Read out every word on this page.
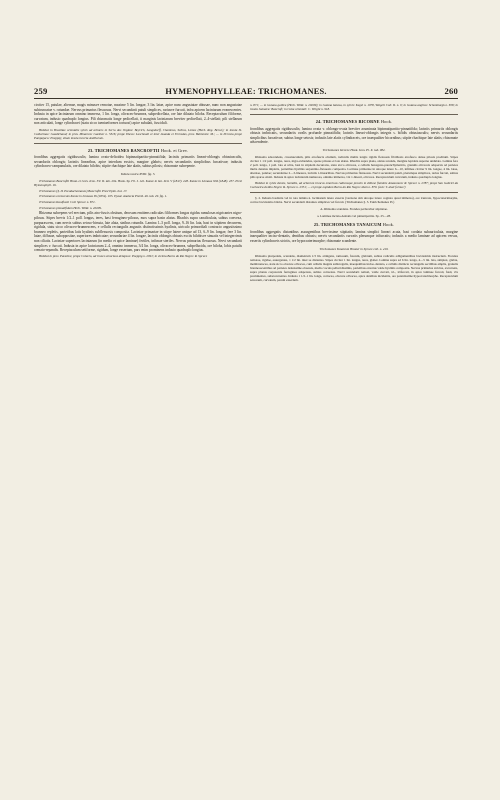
259	HYMENOPHYLLEAE: TRICHOMANES.	260

circiter 15, patulae, alternae, magis minusve remotae, maxime 5 lin. longae, 3 lin. latae, apice nunc angustatae obtusae, nunc non angustatae subtruncatae v. rotundae. Nervus primarius flexuosus. Nervi secundarii patuli simplices, rariusve furcati, infra apicem laciniarum evanescentes. Indusia in apice laciniarum omnino immersa, 1 lin. longa, olivaceo-brunnea, subpedicellata, ore late dilatato biloba. Receptaculum filiforme, curvatum, indusio quadruplo longius. Pili rhizomatis longe pedicellati, ii marginis laciniarum breviter pedicellati, 2–4-stellati; pili stellarum non articulati, longe cylindracei (statu sicco taeniaeformes tortuosi) apice subulati, fusciduli.

Habitat in Brasiliae orientalis sylvis ad arbores in Serra dos Orgãos: Beyrich, Langsdorff, Chamisso, Sellow, Lemos (Herb. Reg. Berol.); in insula St. Catharinae: Gaudichaud; in prov. Minarum: Gardner n. 5316; prope Ilheos: Luschnath et inter Avanda et Ferradas, prov. Bahiensis: M.; — in Peruvia prope Pampajaco: Poeppig; etiam insula incerta Antillarum.

23. TRICHOMANES BANCROFTII Hook. et Grev.

frondibus aggregatis rigidiusculis; lamina ovato-deltoidea bipinnatipartito-pinnatifida; laciniis primariis lineari-oblongis obtusiusculis, secundariis oblongis; laciniis linearibus, apice interdum exsicis, margine glabris; nervis secundariis simplicibus furcativue; indusiis cylindraceo-campanulatis, ore dilatato bilobis; stipite rhachique late alatis, subtus pilosis; rhizomate subrepente.

Tabula nostra XVIII. fig. 5.

Trichomanes Bancroftii Hook. et Grev. Icon. Fil. II. tab. 204. Hook. Sp. Fil. I. 122. Kunze in bot. Zeit. V (1847). 228. Kunze in Linnaea XXI (1848). 237. Presl Hymenophyll. 16.

Trichomanes (§. II. Pseudachomanes) Bancroftii Presl Epim. bot. 17.

Trichomanes coriaceum Kunze in Linnaea IX (1834). 105. Ejusd. Analecta Pterid. 46. tab. 29. fig. 1.

Trichomanes Kaulfussii Coll. Spruce n. 871.

Trichomanes pinnatifidum Herb. Willd. n. 20209.

Rhizoma subrepens vel erectum, pilis atro-fuscis obsitum, deorsum emittens radiculas filiformes longas rigidas ramulosas nigricantes nigro-pilosas. Stipes brevis 1/2–1 poll. longus, teres, basi ferrugineo-pilosus, mox supra basin alatus. Rhachis supra canaliculata, subtus convexa, purpurascens, cum nervis subtus setoso-hirsuta, late alata, sinibus rotundis. Lamina 1–3 poll. longa, 9–16 lin. lata, basi in stipitem decurrens, rigidula, statu sicco olivaceo-brunnescens, e cellulis rectangulis angustis distinctissimis hyalinis, utriculo primordiali contracto angustissimo brunneo repletis, parietibus latis hyalinis subflexuosis composita. Laciniae primariae in stirpe latere unique ad 13, 6–9 lin. longae, fere 3 lin. latae, diffusae, suboppositae, superiores imbricatae; secundariae 4 lin. longae, laciniis oblongis obtusis exciis bilobisve sinuatis vel integerrimis non ciliatis. Laciniae superiores laciniarum (in medio et apice laminae) fertiles, infimae steriles. Nervus primarius flexuosus. Nervi secundarii simplices v. furcati. Indusia in apice laciniarum 2–4, omnino immersa, 3/4 lin. longa, olivaceo-brunnea, subpellucida, ore biloba, lobis patulis crenato-repandis. Receptaculum setiforme, rigidum, longe exsertum, pars enim prominens indusio quadruplo longius.

Habitat in prov. Paraënsi, prope Coluero, ad trunco emortuos delapsos: Poeppig n. 2991; in vicinia Barra do Rio Negro: R. Spruce

n. 871; — in Guiana gallica (Herb. Willd. n. 20209); in Guiana batava, in sylvis: Kegel n. 1078, Weigelt Coll. II. n. 9; in Guiana anglica: Schomburgk n. 658; in insula Jamaica: Bancroft; in Cuba orientali: C. Wright n. 918.

24. TRICHOMANES BICORNE Hook.

frondibus aggregatis rigidiusculis; lamina ovata v. oblongo-ovata breviter acuminata bipinnatipartito-pinnatifida; laciniis primariis oblongis obtusis imbricatis, secundariis ovalis profunde pinnatifidis; laciniis lineari-oblongis integris s. bifidis obtusiusculis; nervis secundariis simplicibus furcativue, subtus longe setosis; indusiis late alatis cylindraceis, ore inaequaliter bicornibus; stipite rhachique late alatis; rhizomate adscendente.

Trichomanes bicorne Hook. Icon. Pl. X. tab. 982.

Rhizoma adscendens, crassiusculum, pilis atrofuscis obsitum, radiculis multis longis rigidis flexuosis fibrillosis atrofusco dense pilosis proditum. Stipes circiter 1 1/2 poll. longus, teres, nigro-rubiendus, sparse pilosus et late alatus. Rhachis supra plana, alatus rotunda, margine lepidata superne undulata. Lamina fere 2 poll. longa, 1 poll. lata et ultra, basi in stipitem decurrens, statu sicco olivacea, e cellulis hexagono-parenchymaticis, granulis olivaceis adspersis ad parietes multa densius impletis, parietibus hyalinis serpentino-flexuosis composita. Laciniae primariae in utroque latere 6—10, infimae circiter 9 lin. longae, 4 lin. latae, alternae, patulae; secundariae 2—3-lineares, laciniis 1-lineariibus. Nervus primarius flexuosus. Nervi secundarii patuli, plerumque simplices, rarius furcati, subtus pilis sparse obsiti. Indusia in apice laciniarum numerosa, omnino immersa, vix 1-lineari, olivacea. Receptaculum curvatum, indusio quadruplo longius.

Habitat in sylvis densis, humidis, ad arborum truncos emortuos radicosque proxim in diliune fluminis Amazonum: R. Spruce n. 2787; prope San Gabriel da Cachoeira do Rio Negro: R. Spruce n. 2351; — et prope ospidum Barra do Rio Negro: idem n. 870. (sub: T. alati forma?)

§. 2. Indusia basilaria vel in tota lamina n. laciniarum latere exserta (versione sim utroque latere cognata quasi immersa), ore truncata, hypocraterimorphe, cortice brevissimo biloba. Nervi secundarii distantes simplices vel furcati. (Trichomanes §. 3. Eutrichomanes Pr.)

A. Rhizoma scandens. Frondes perbreviter stipitatae.

a. Laminae incisio-dentatis vel pinnatipartita. Sp. 25—28.

25. TRICHOMANES TANAICUM Hook.

frondibus aggregatis distantibus assurgentibus brevissime stipitatis; lamina simplici lineari acuta, basi cordata subauriculata, margine inaequaliter inciso-dentatis, dentibus obtusis; nervis secundariis curvatis plerumque trifurcatis; indusiis a medio laminae ad apicem versus, exsertis cylindraceis strictis, ore hypocraterimorphe; rhizomate scandente.

Trichomanes Tanaicum Hooker in Spruce coll. n. 410.

Rhizoma plurpedale, scandens, diametrum 1/3 lin. attingens, ramosum, fuscum, glabrum, subtus radiculis adligamentibus brevissimis instructum. Frondes remotae, rigidae, assurgentes, 1 1/2 lin. inter se distantes. Stipes circiter 1 lin. longus, teres, glaber. Lamina supra ad 6 lin. longa, 4—5 lin. lata, simplex, glabra, membranacea, statu sicco obscure olivacea, cum cellulis magnis subirregulis, inaequalibus inciso-dentata, e cellulis distincte rectangulis sectilibus amplis, granulis brunneoscentibus ad parietes densissime obsessis, medio vacuis pellucidissimis, parietibus exterius valde hyalinis composita. Nervus primarius strictus, excurrens, supra planus corpuscula ferruginea adspersus, subtus convexus. Nervi secundarii remoti, valde curvati, tri-, trifurcati, in apice laminae furcati, fusti, vix prominentes, subexcurrentes. Indusia 1 1/2–1 lin. longa, coriacea, obscure olivacea, apice dentibus incidentis, ore patentissime hypocraterimorpho. Receptaculum setaceum, curvatum, parum exsertum.
